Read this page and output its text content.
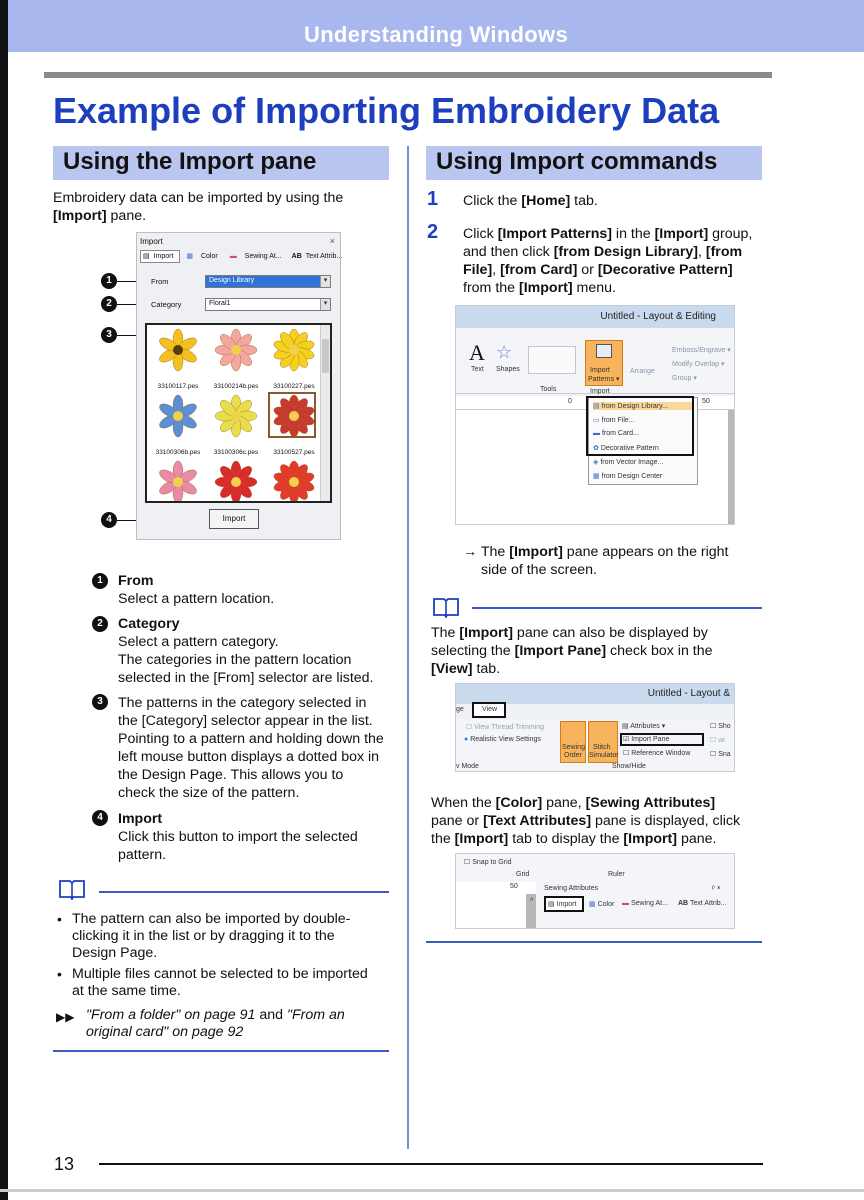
Understanding Windows
Example of Importing Embroidery Data
Using the Import pane
Embroidery data can be imported by using the
[Import] pane.
1
2
3
4
Import	×
▤ Import ▦ Color ▬ Sewing At... AB Text Attrib...
From	Design Library	▾
Category	Floral1	▾
33100117.pes	33100214b.pes	33100227.pes
33100306b.pes	33100306c.pes	33100527.pes
Import
1	From
Select a pattern location.
2	Category
Select a pattern category.
The categories in the pattern location
selected in the [From] selector are listed.
3	The patterns in the category selected in
the [Category] selector appear in the list.
Pointing to a pattern and holding down the
left mouse button displays a dotted box in
the Design Page. This allows you to
check the size of the pattern.
4	Import
Click this button to import the selected
pattern.
• The pattern can also be imported by double-
clicking it in the list or by dragging it to the
Design Page.
• Multiple files cannot be selected to be imported
at the same time.
▶▶ "From a folder" on page 91 and "From an
original card" on page 92
Using Import commands
1 Click the [Home] tab.
2 Click [Import Patterns] in the [Import] group,
and then click [from Design Library], [from
File], [from Card] or [Decorative Pattern]
from the [Import] menu.
Untitled - Layout & Editing
A
Text
☆
Shapes
Tools
Import
Patterns ▾
Arrange
Emboss/Engrave ▾
Modify Overlap ▾
Group ▾
Import
0	50
▤ from Design Library...
▭ from File...
▬ from Card...
✿ Decorative Pattern
◈ from Vector Image...
▦ from Design Center
→ The [Import] pane appears on the right
side of the screen.
The [Import] pane can also be displayed by
selecting the [Import Pane] check box in the
[View] tab.
Untitled - Layout &
ge	View
☐ View Thread Trimming
● Realistic View Settings
v Mode
Sewing
Order
Stitch
Simulator
▤ Attributes ▾
☑ Import Pane
☐ Reference Window
Show/Hide
☐ Sho
☐ wi
☐ Sna
When the [Color] pane, [Sewing Attributes]
pane or [Text Attributes] pane is displayed, click
the [Import] tab to display the [Import] pane.
☐ Snap to Grid
Grid	Ruler
50	Sewing Attributes	ᵖ ×
^ ▤ Import ▦ Color ▬ Sewing At... AB Text Attrib...
13
